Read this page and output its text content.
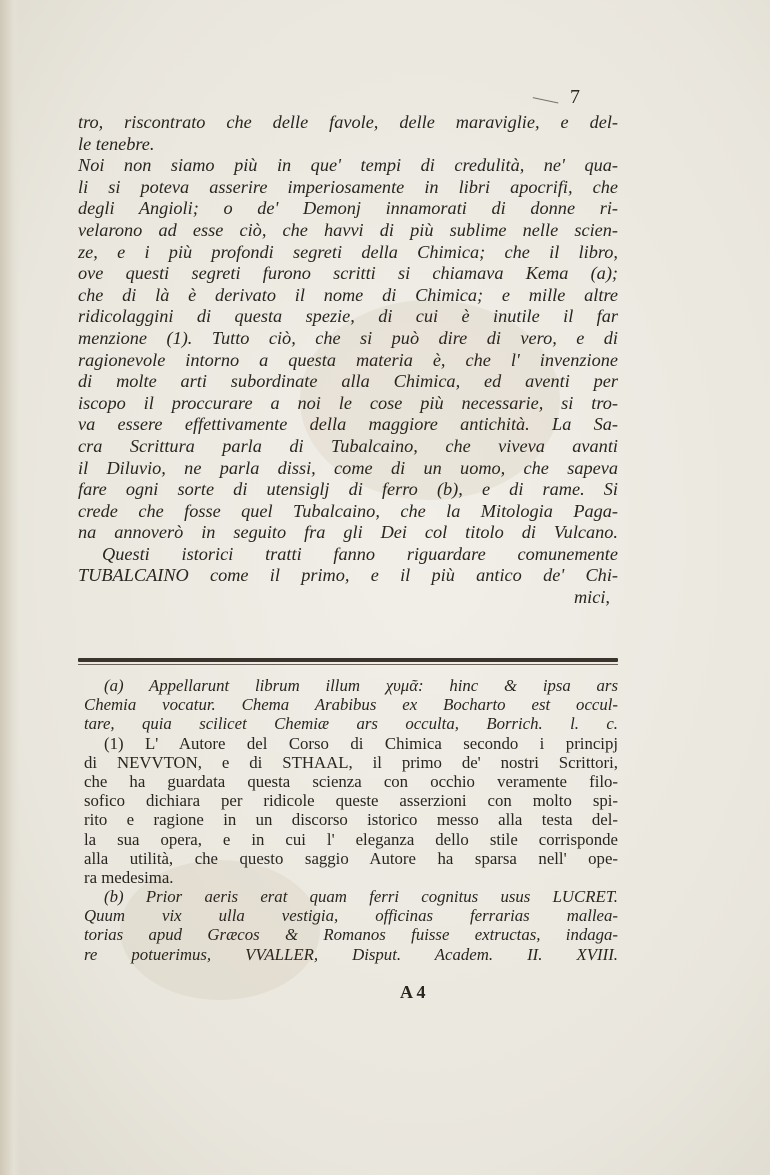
7
tro, riscontrato che delle favole, delle maraviglie, e del-
le tenebre.
Noi non siamo più in que' tempi di credulità, ne' qua-
li si poteva asserire imperiosamente in libri apocrifi, che
degli Angioli; o de' Demonj innamorati di donne ri-
velarono ad esse ciò, che havvi di più sublime nelle scien-
ze, e i più profondi segreti della Chimica; che il libro,
ove questi segreti furono scritti si chiamava Kema (a);
che di là è derivato il nome di Chimica; e mille altre
ridicolaggini di questa spezie, di cui è inutile il far
menzione (1). Tutto ciò, che si può dire di vero, e di
ragionevole intorno a questa materia è, che l' invenzione
di molte arti subordinate alla Chimica, ed aventi per
iscopo il proccurare a noi le cose più necessarie, si tro-
va essere effettivamente della maggiore antichità. La Sa-
cra Scrittura parla di Tubalcaino, che viveva avanti
il Diluvio, ne parla dissi, come di un uomo, che sapeva
fare ogni sorte di utensiglj di ferro (b), e di rame. Si
crede che fosse quel Tubalcaino, che la Mitologia Paga-
na annoverò in seguito fra gli Dei col titolo di Vulcano.
Questi istorici tratti fanno riguardare comunemente
TUBALCAINO come il primo, e il più antico de' Chi-
mici,
(a) Appellarunt librum illum χυμᾶ: hinc & ipsa ars
Chemia vocatur. Chema Arabibus ex Bocharto est occul-
tare, quia scilicet Chemiæ ars occulta, Borrich. l. c.
(1) L' Autore del Corso di Chimica secondo i principj
di NEVVTON, e di STHAAL, il primo de' nostri Scrittori,
che ha guardata questa scienza con occhio veramente filo-
sofico dichiara per ridicole queste asserzioni con molto spi-
rito e ragione in un discorso istorico messo alla testa del-
la sua opera, e in cui l' eleganza dello stile corrisponde
alla utilità, che questo saggio Autore ha sparsa nell' ope-
ra medesima.
(b) Prior aeris erat quam ferri cognitus usus LUCRET.
Quum vix ulla vestigia, officinas ferrarias mallea-
torias apud Græcos & Romanos fuisse extructas, indaga-
re potuerimus, VVALLER, Disput. Academ. II. XVIII.
A 4
